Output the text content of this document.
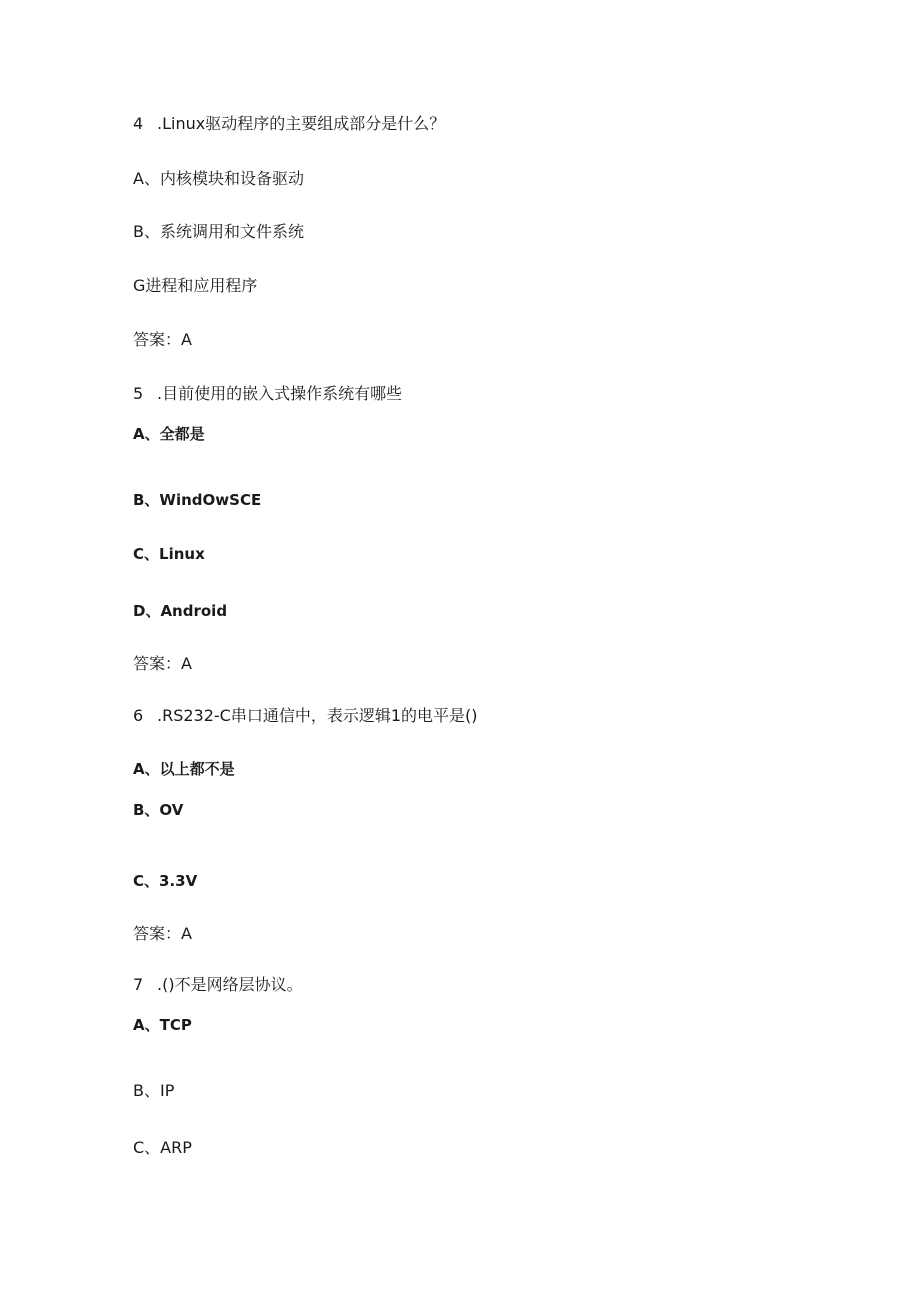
4 .Linux驱动程序的主要组成部分是什么？
A、内核模块和设备驱动
B、系统调用和文件系统
G进程和应用程序
答案：A
5 .目前使用的嵌入式操作系统有哪些
A、全都是
B、WindOwSCE
C、Linux
D、Android
答案：A
6 .RS232-C串口通信中，表示逻辑1的电平是()
A、以上都不是
B、OV
C、3.3V
答案：A
7 .()不是网络层协议。
A、TCP
B、IP
C、ARP
